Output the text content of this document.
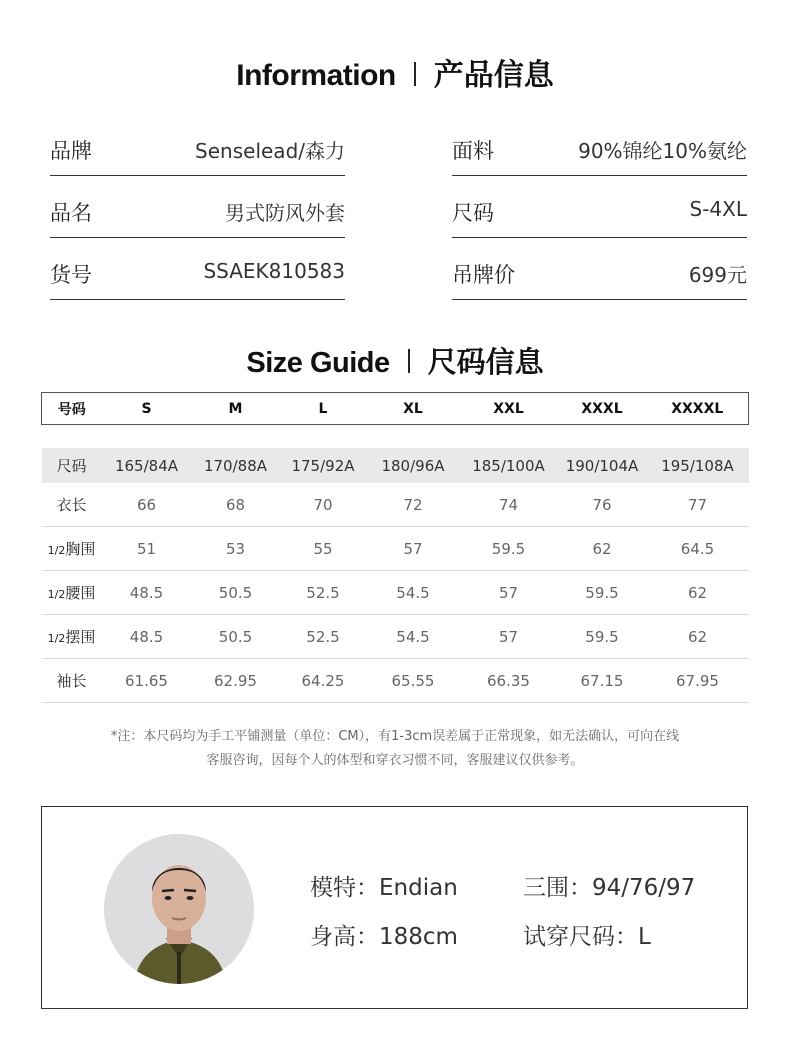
Information 产品信息
品牌	Senselead/森力
品名	男式防风外套
货号	SSAEK810583
面料	90%锦纶10%氨纶
尺码	S-4XL
吊牌价	699元
Size Guide 尺码信息
号码	S	M	L	XL	XXL	XXXL	XXXXL

尺码	165/84A	170/88A	175/92A	180/96A	185/100A	190/104A	195/108A
衣长	66	68	70	72	74	76	77
1/2胸围	51	53	55	57	59.5	62	64.5
1/2腰围	48.5	50.5	52.5	54.5	57	59.5	62
1/2摆围	48.5	50.5	52.5	54.5	57	59.5	62
袖长	61.65	62.95	64.25	65.55	66.35	67.15	67.95
*注：本尺码均为手工平铺测量（单位：CM），有1-3cm误差属于正常现象，如无法确认，可向在线
客服咨询，因每个人的体型和穿衣习惯不同，客服建议仅供参考。
模特：Endian
身高：188cm
三围：94/76/97
试穿尺码：L
